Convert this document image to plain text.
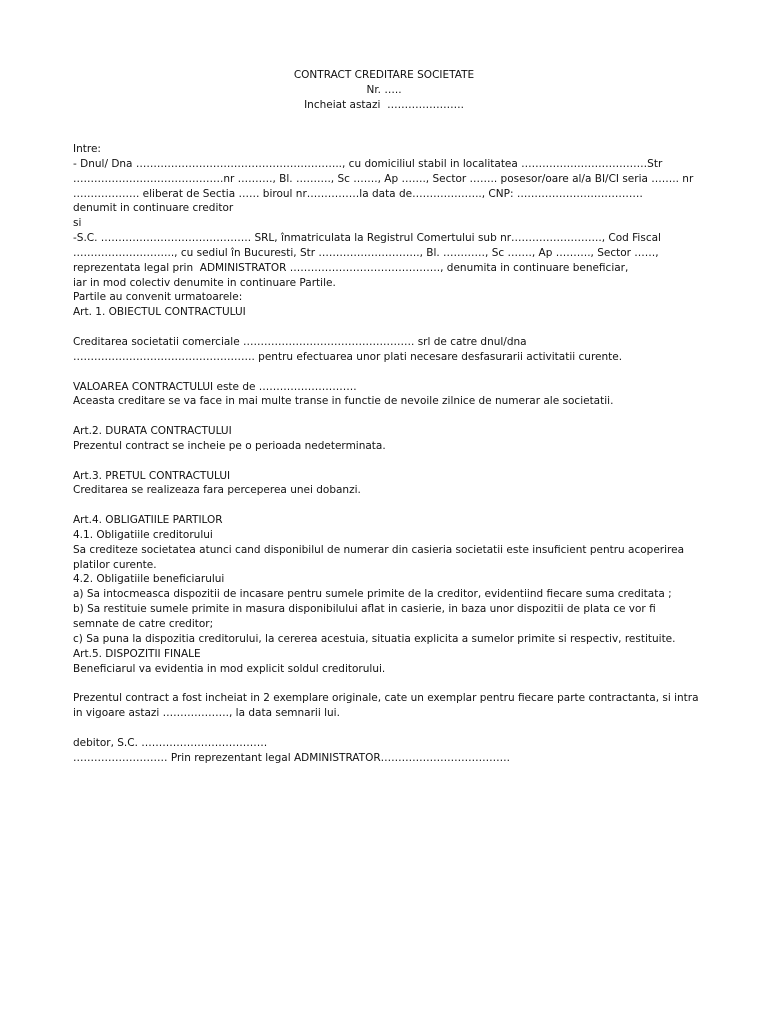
CONTRACT CREDITARE SOCIETATE
Nr. …..
Incheiat astazi  ………………….
Intre:
- Dnul/ Dna ………………………………………………….., cu domiciliul stabil in localitatea ………………………………Str
…………………………………….nr ………., Bl. ………., Sc ……., Ap ……., Sector …….. posesor/oare al/a BI/CI seria …….. nr
………………. eliberat de Sectia …… biroul nr……………la data de……………….., CNP: ………………………………
denumit in continuare creditor
si
-S.C. ……………………………………. SRL, înmatriculata la Registrul Comertului sub nr…………………….., Cod Fiscal
……………………….., cu sediul în Bucuresti, Str ……………………….., Bl. …………, Sc ……., Ap ………., Sector ……,
reprezentata legal prin  ADMINISTRATOR ……………………………………., denumita in continuare beneficiar,
iar in mod colectiv denumite in continuare Partile.
Partile au convenit urmatoarele:
Art. 1. OBIECTUL CONTRACTULUI
Creditarea societatii comerciale …………………………………………. srl de catre dnul/dna
……………………………………………. pentru efectuarea unor plati necesare desfasurarii activitatii curente.
VALOAREA CONTRACTULUI este de ……………………….
Aceasta creditare se va face in mai multe transe in functie de nevoile zilnice de numerar ale societatii.
Art.2. DURATA CONTRACTULUI
Prezentul contract se incheie pe o perioada nedeterminata.
Art.3. PRETUL CONTRACTULUI
Creditarea se realizeaza fara perceperea unei dobanzi.
Art.4. OBLIGATIILE PARTILOR
4.1. Obligatiile creditorului
Sa crediteze societatea atunci cand disponibilul de numerar din casieria societatii este insuficient pentru acoperirea
platilor curente.
4.2. Obligatiile beneficiarului
a) Sa intocmeasca dispozitii de incasare pentru sumele primite de la creditor, evidentiind fiecare suma creditata ;
b) Sa restituie sumele primite in masura disponibilului aflat in casierie, in baza unor dispozitii de plata ce vor fi
semnate de catre creditor;
c) Sa puna la dispozitia creditorului, la cererea acestuia, situatia explicita a sumelor primite si respectiv, restituite.
Art.5. DISPOZITII FINALE
Beneficiarul va evidentia in mod explicit soldul creditorului.
Prezentul contract a fost incheiat in 2 exemplare originale, cate un exemplar pentru fiecare parte contractanta, si intra
in vigoare astazi ………………., la data semnarii lui.
debitor, S.C. ………………………………
……………………… Prin reprezentant legal ADMINISTRATOR……………………………….
